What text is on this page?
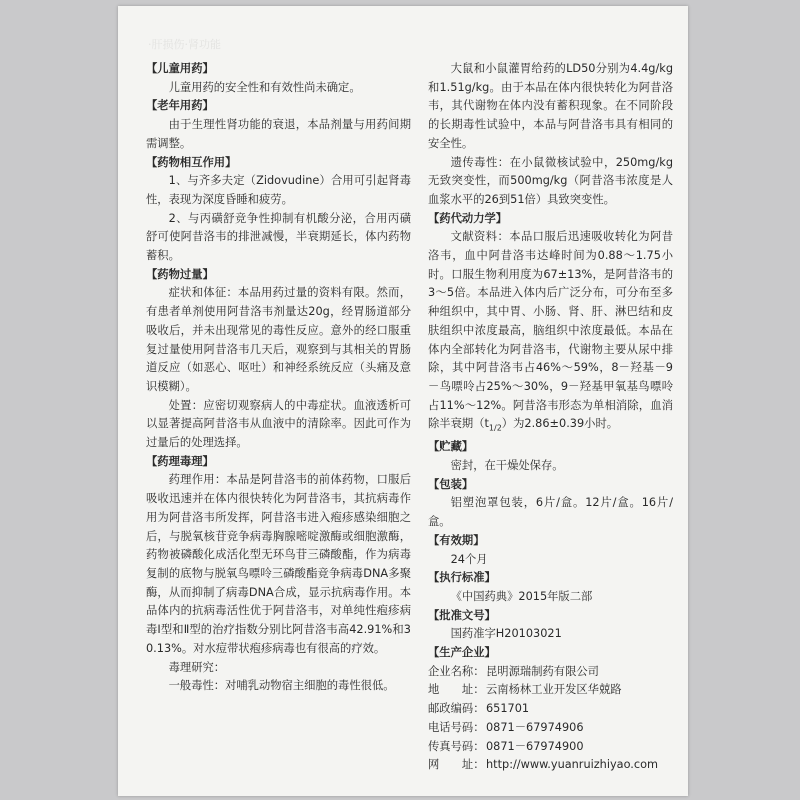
·肝损伤·肾功能

【儿童用药】

儿童用药的安全性和有效性尚未确定。

【老年用药】

由于生理性肾功能的衰退，本品剂量与用药间期需调整。

【药物相互作用】

1、与齐多夫定（Zidovudine）合用可引起肾毒性，表现为深度昏睡和疲劳。

2、与丙磺舒竞争性抑制有机酸分泌，合用丙磺舒可使阿昔洛韦的排泄减慢，半衰期延长，体内药物蓄积。

【药物过量】

症状和体征：本品用药过量的资料有限。然而，有患者单剂使用阿昔洛韦剂量达20g，经胃肠道部分吸收后，并未出现常见的毒性反应。意外的经口服重复过量使用阿昔洛韦几天后，观察到与其相关的胃肠道反应（如恶心、呕吐）和神经系统反应（头痛及意识模糊）。

处置：应密切观察病人的中毒症状。血液透析可以显著提高阿昔洛韦从血液中的清除率。因此可作为过量后的处理选择。

【药理毒理】

药理作用：本品是阿昔洛韦的前体药物，口服后吸收迅速并在体内很快转化为阿昔洛韦，其抗病毒作用为阿昔洛韦所发挥，阿昔洛韦进入疱疹感染细胞之后，与脱氧核苷竞争病毒胸腺嘧啶激酶或细胞激酶，药物被磷酸化成活化型无环鸟苷三磷酸酯，作为病毒复制的底物与脱氧鸟嘌呤三磷酸酯竞争病毒DNA多聚酶，从而抑制了病毒DNA合成，显示抗病毒作用。本品体内的抗病毒活性优于阿昔洛韦，对单纯性疱疹病毒Ⅰ型和Ⅱ型的治疗指数分别比阿昔洛韦高42.91%和30.13%。对水痘带状疱疹病毒也有很高的疗效。

毒理研究：

一般毒性：对哺乳动物宿主细胞的毒性很低。

大鼠和小鼠灌胃给药的LD50分别为4.4g/kg和1.51g/kg。由于本品在体内很快转化为阿昔洛韦，其代谢物在体内没有蓄积现象。在不同阶段的长期毒性试验中，本品与阿昔洛韦具有相同的安全性。

遗传毒性：在小鼠微核试验中，250mg/kg无致突变性，而500mg/kg（阿昔洛韦浓度是人血浆水平的26到51倍）具致突变性。

【药代动力学】

文献资料：本品口服后迅速吸收转化为阿昔洛韦，血中阿昔洛韦达峰时间为0.88～1.75小时。口服生物利用度为67±13%，是阿昔洛韦的3～5倍。本品进入体内后广泛分布，可分布至多种组织中，其中胃、小肠、肾、肝、淋巴结和皮肤组织中浓度最高，脑组织中浓度最低。本品在体内全部转化为阿昔洛韦，代谢物主要从尿中排除，其中阿昔洛韦占46%～59%，8－羟基－9－鸟嘌呤占25%～30%，9－羟基甲氧基鸟嘌呤占11%～12%。阿昔洛韦形态为单相消除，血消除半衰期$(t_{1/2})$为2.86±0.39小时。

【贮藏】

密封，在干燥处保存。

【包装】

铝塑泡罩包装，6片/盒。12片/盒。16片/盒。

【有效期】

24个月

【执行标准】

《中国药典》2015年版二部

【批准文号】

国药准字H20103021

【生产企业】

企业名称： 昆明源瑞制药有限公司
地　　址： 云南杨林工业开发区华兢路
邮政编码： 651701
电话号码： 0871－67974906
传真号码： 0871－67974900
网　　址： http://www.yuanruizhiyao.com
